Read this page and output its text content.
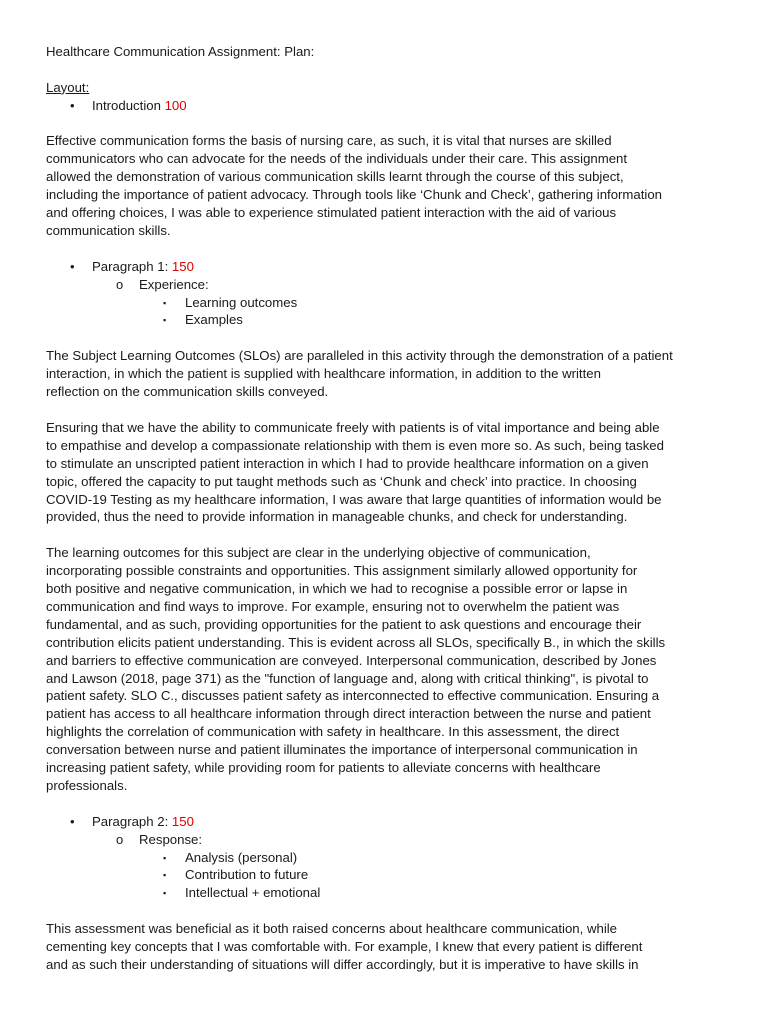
Healthcare Communication Assignment: Plan:
Layout:
• Introduction 100
Effective communication forms the basis of nursing care, as such, it is vital that nurses are skilled
communicators who can advocate for the needs of the individuals under their care. This assignment
allowed the demonstration of various communication skills learnt through the course of this subject,
including the importance of patient advocacy. Through tools like ‘Chunk and Check’, gathering information
and offering choices, I was able to experience stimulated patient interaction with the aid of various
communication skills.
• Paragraph 1: 150
o Experience:
▪ Learning outcomes
▪ Examples
The Subject Learning Outcomes (SLOs) are paralleled in this activity through the demonstration of a patient
interaction, in which the patient is supplied with healthcare information, in addition to the written
reflection on the communication skills conveyed.
Ensuring that we have the ability to communicate freely with patients is of vital importance and being able
to empathise and develop a compassionate relationship with them is even more so. As such, being tasked
to stimulate an unscripted patient interaction in which I had to provide healthcare information on a given
topic, offered the capacity to put taught methods such as ‘Chunk and check’ into practice. In choosing
COVID-19 Testing as my healthcare information, I was aware that large quantities of information would be
provided, thus the need to provide information in manageable chunks, and check for understanding.
The learning outcomes for this subject are clear in the underlying objective of communication,
incorporating possible constraints and opportunities. This assignment similarly allowed opportunity for
both positive and negative communication, in which we had to recognise a possible error or lapse in
communication and find ways to improve. For example, ensuring not to overwhelm the patient was
fundamental, and as such, providing opportunities for the patient to ask questions and encourage their
contribution elicits patient understanding. This is evident across all SLOs, specifically B., in which the skills
and barriers to effective communication are conveyed. Interpersonal communication, described by Jones
and Lawson (2018, page 371) as the "function of language and, along with critical thinking", is pivotal to
patient safety. SLO C., discusses patient safety as interconnected to effective communication. Ensuring a
patient has access to all healthcare information through direct interaction between the nurse and patient
highlights the correlation of communication with safety in healthcare. In this assessment, the direct
conversation between nurse and patient illuminates the importance of interpersonal communication in
increasing patient safety, while providing room for patients to alleviate concerns with healthcare
professionals.
• Paragraph 2: 150
o Response:
▪ Analysis (personal)
▪ Contribution to future
▪ Intellectual + emotional
This assessment was beneficial as it both raised concerns about healthcare communication, while
cementing key concepts that I was comfortable with. For example, I knew that every patient is different
and as such their understanding of situations will differ accordingly, but it is imperative to have skills in
